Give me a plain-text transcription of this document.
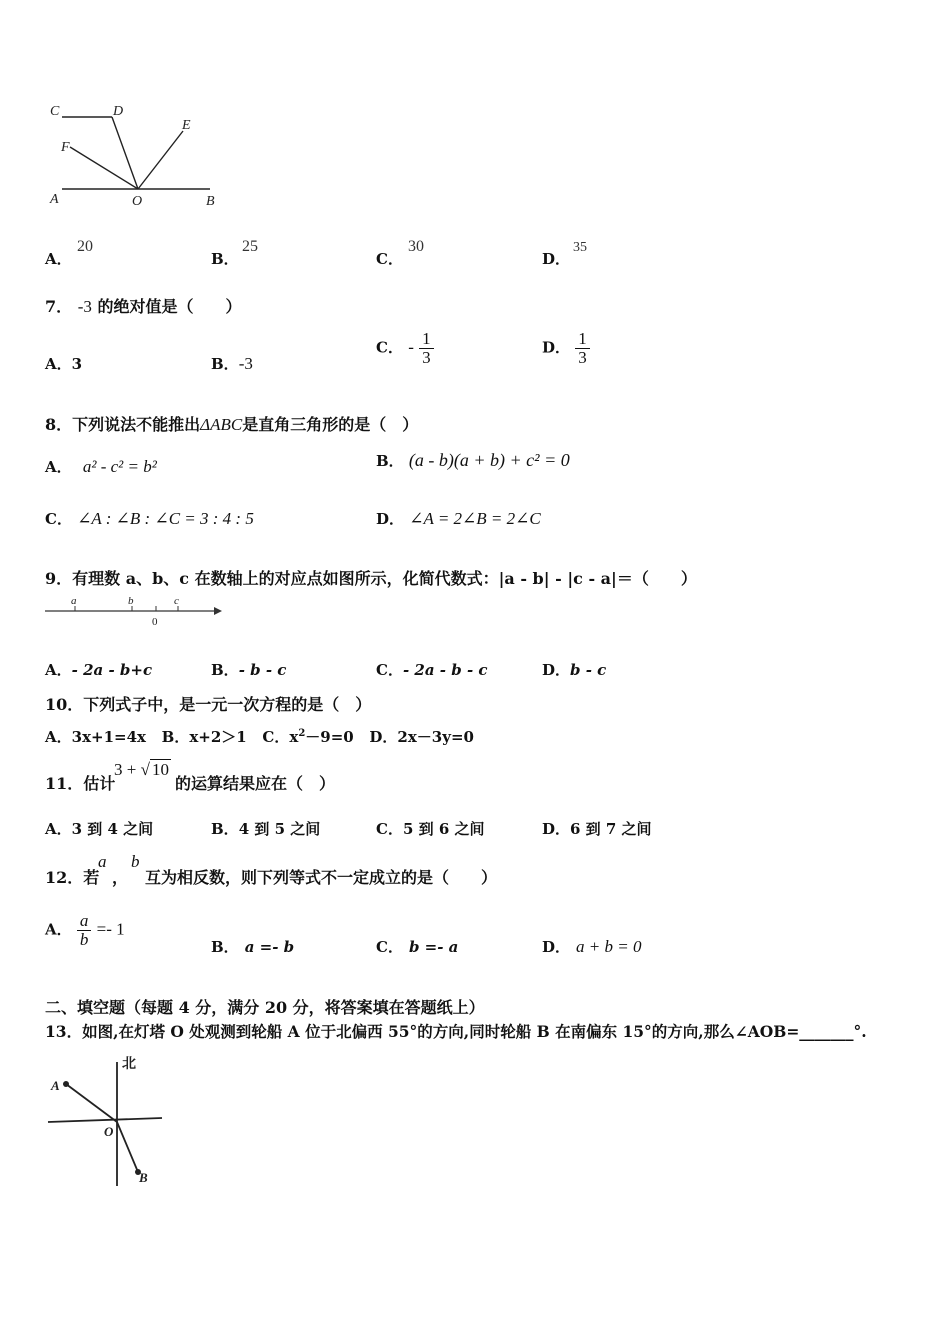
C	D
E
F
A	O	B
A．
20
B．
25
C．
30
D．
35
7． -3 的绝对值是（　　）
A．3	B．-3
C． - $\frac{1}{3}$	D． $\frac{1}{3}$
8．下列说法不能推出ΔABC是直角三角形的是（　）
A． a² - c² = b²	B． (a - b)(a + b) + c² = 0
C． ∠A : ∠B : ∠C = 3 : 4 : 5	D． ∠A = 2∠B = 2∠C
9．有理数 a、b、c 在数轴上的对应点如图所示，化简代数式：|a - b| - |c - a|＝（　　）
a	b	c
0
A．- 2a - b+c	B．- b - c	C．- 2a - b - c	D．b - c
10．下列式子中，是一元一次方程的是（　）
A．3x+1=4x B．x+2＞1 C．$x^2-9=0$ D．2x－3y=0
11．估计
3 + √ 10
的运算结果应在（　）
A．3 到 4 之间	B．4 到 5 之间	C．5 到 6 之间	D．6 到 7 之间
12．若
a
，
b
互为相反数，则下列等式不一定成立的是（　　）
A． $\frac{a}{b} =- 1$
B． a =- b	C． b =- a	D． a + b = 0
二、填空题（每题 4 分，满分 20 分，将答案填在答题纸上）
13．如图,在灯塔 O 处观测到轮船 A 位于北偏西 55°的方向,同时轮船 B 在南偏东 15°的方向,那么∠AOB=_______°.
北
A
O
B
